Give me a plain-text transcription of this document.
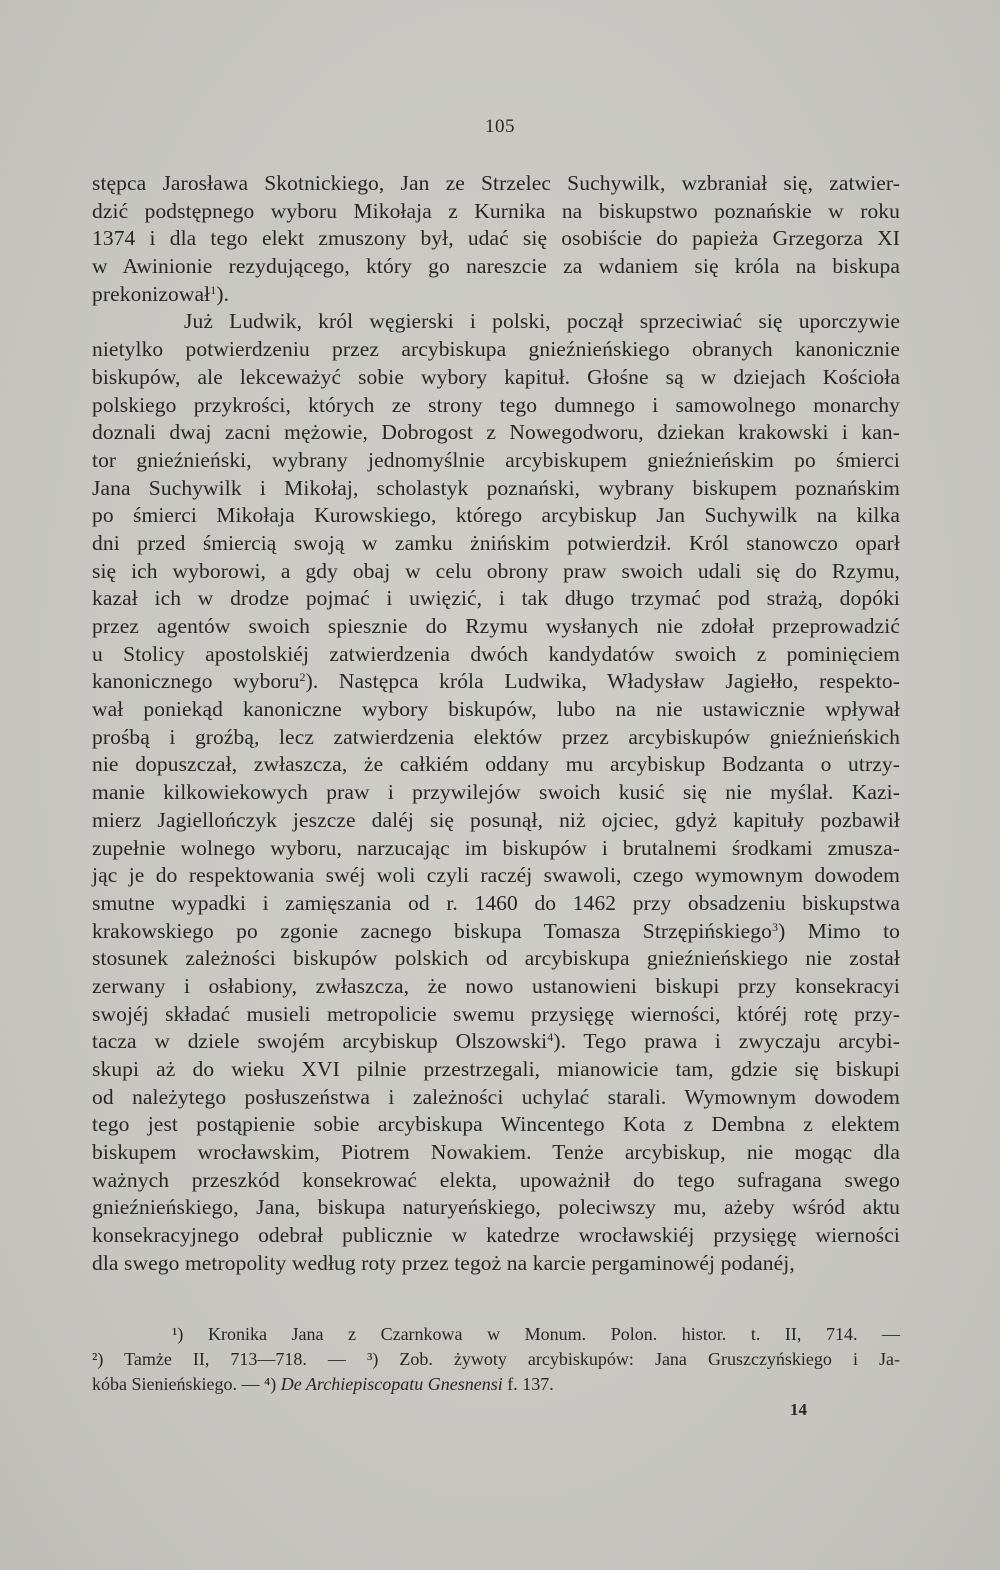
105
stępca Jarosława Skotnickiego, Jan ze Strzelec Suchywilk, wzbraniał się, zatwier-
dzić podstępnego wyboru Mikołaja z Kurnika na biskupstwo poznańskie w roku
1374 i dla tego elekt zmuszony był, udać się osobiście do papieża Grzegorza XI
w Awinionie rezydującego, który go nareszcie za wdaniem się króla na biskupa
prekonizował$^1$).
Już Ludwik, król węgierski i polski, począł sprzeciwiać się uporczywie
nietylko potwierdzeniu przez arcybiskupa gnieźnieńskiego obranych kanonicznie
biskupów, ale lekceważyć sobie wybory kapituł. Głośne są w dziejach Kościoła
polskiego przykrości, których ze strony tego dumnego i samowolnego monarchy
doznali dwaj zacni mężowie, Dobrogost z Nowegodworu, dziekan krakowski i kan-
tor gnieźnieński, wybrany jednomyślnie arcybiskupem gnieźnieńskim po śmierci
Jana Suchywilk i Mikołaj, scholastyk poznański, wybrany biskupem poznańskim
po śmierci Mikołaja Kurowskiego, którego arcybiskup Jan Suchywilk na kilka
dni przed śmiercią swoją w zamku żnińskim potwierdził. Król stanowczo oparł
się ich wyborowi, a gdy obaj w celu obrony praw swoich udali się do Rzymu,
kazał ich w drodze pojmać i uwięzić, i tak długo trzymać pod strażą, dopóki
przez agentów swoich spiesznie do Rzymu wysłanych nie zdołał przeprowadzić
u Stolicy apostolskiéj zatwierdzenia dwóch kandydatów swoich z pominięciem
kanonicznego wyboru$^2$). Następca króla Ludwika, Władysław Jagiełło, respekto-
wał poniekąd kanoniczne wybory biskupów, lubo na nie ustawicznie wpływał
prośbą i groźbą, lecz zatwierdzenia elektów przez arcybiskupów gnieźnieńskich
nie dopuszczał, zwłaszcza, że całkiém oddany mu arcybiskup Bodzanta o utrzy-
manie kilkowiekowych praw i przywilejów swoich kusić się nie myślał. Kazi-
mierz Jagiellończyk jeszcze daléj się posunął, niż ojciec, gdyż kapituły pozbawił
zupełnie wolnego wyboru, narzucając im biskupów i brutalnemi środkami zmusza-
jąc je do respektowania swéj woli czyli raczéj swawoli, czego wymownym dowodem
smutne wypadki i zamięszania od r. 1460 do 1462 przy obsadzeniu biskupstwa
krakowskiego po zgonie zacnego biskupa Tomasza Strzępińskiego$^3$) Mimo to
stosunek zależności biskupów polskich od arcybiskupa gnieźnieńskiego nie został
zerwany i osłabiony, zwłaszcza, że nowo ustanowieni biskupi przy konsekracyi
swojéj składać musieli metropolicie swemu przysięgę wierności, któréj rotę przy-
tacza w dziele swojém arcybiskup Olszowski$^4$). Tego prawa i zwyczaju arcybi-
skupi aż do wieku XVI pilnie przestrzegali, mianowicie tam, gdzie się biskupi
od należytego posłuszeństwa i zależności uchylać starali. Wymownym dowodem
tego jest postąpienie sobie arcybiskupa Wincentego Kota z Dembna z elektem
biskupem wrocławskim, Piotrem Nowakiem. Tenże arcybiskup, nie mogąc dla
ważnych przeszkód konsekrować elekta, upoważnił do tego sufragana swego
gnieźnieńskiego, Jana, biskupa naturyeńskiego, poleciwszy mu, ażeby wśród aktu
konsekracyjnego odebrał publicznie w katedrze wrocławskiéj przysięgę wierności
dla swego metropolity według roty przez tegoż na karcie pergaminowéj podanéj,
¹) Kronika Jana z Czarnkowa w Monum. Polon. histor. t. II, 714. —
²) Tamże II, 713—718. — ³) Zob. żywoty arcybiskupów: Jana Gruszczyńskiego i Ja-
kóba Sienieńskiego. — ⁴) De Archiepiscopatu Gnesnensi f. 137.
14
